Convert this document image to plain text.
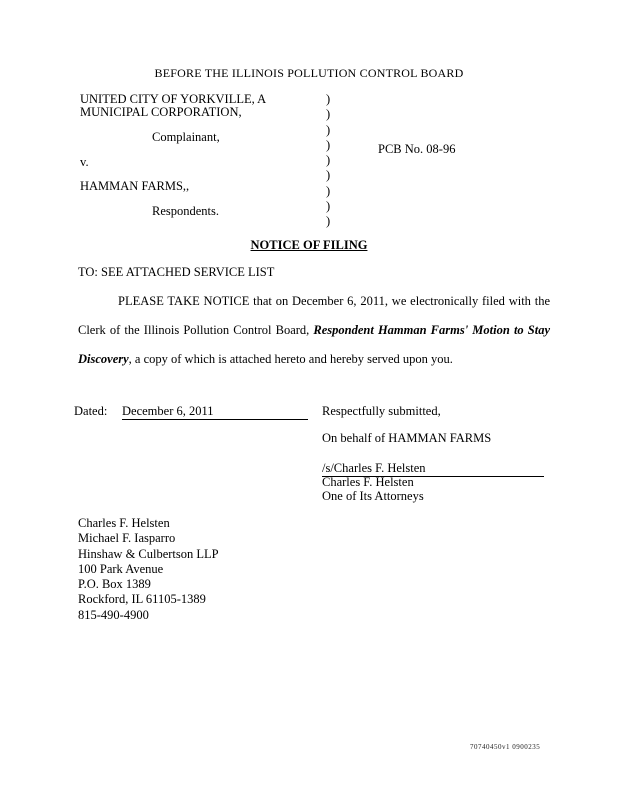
BEFORE THE ILLINOIS POLLUTION CONTROL BOARD
UNITED CITY OF YORKVILLE, A
MUNICIPAL CORPORATION,
Complainant,
v.
HAMMAN FARMS,,
Respondents.
PCB No. 08-96
)
)
)
)
)
)
)
)
)
NOTICE OF FILING
TO: SEE ATTACHED SERVICE LIST
PLEASE TAKE NOTICE that on December 6, 2011, we electronically filed with the Clerk of the Illinois Pollution Control Board, Respondent Hamman Farms' Motion to Stay Discovery, a copy of which is attached hereto and hereby served upon you.
Dated: December 6, 2011	Respectfully submitted,
On behalf of HAMMAN FARMS
/s/Charles F. Helsten
Charles F. Helsten
One of Its Attorneys
Charles F. Helsten
Michael F. Iasparro
Hinshaw & Culbertson LLP
100 Park Avenue
P.O. Box 1389
Rockford, IL 61105-1389
815-490-4900
70740450v1 0900235
